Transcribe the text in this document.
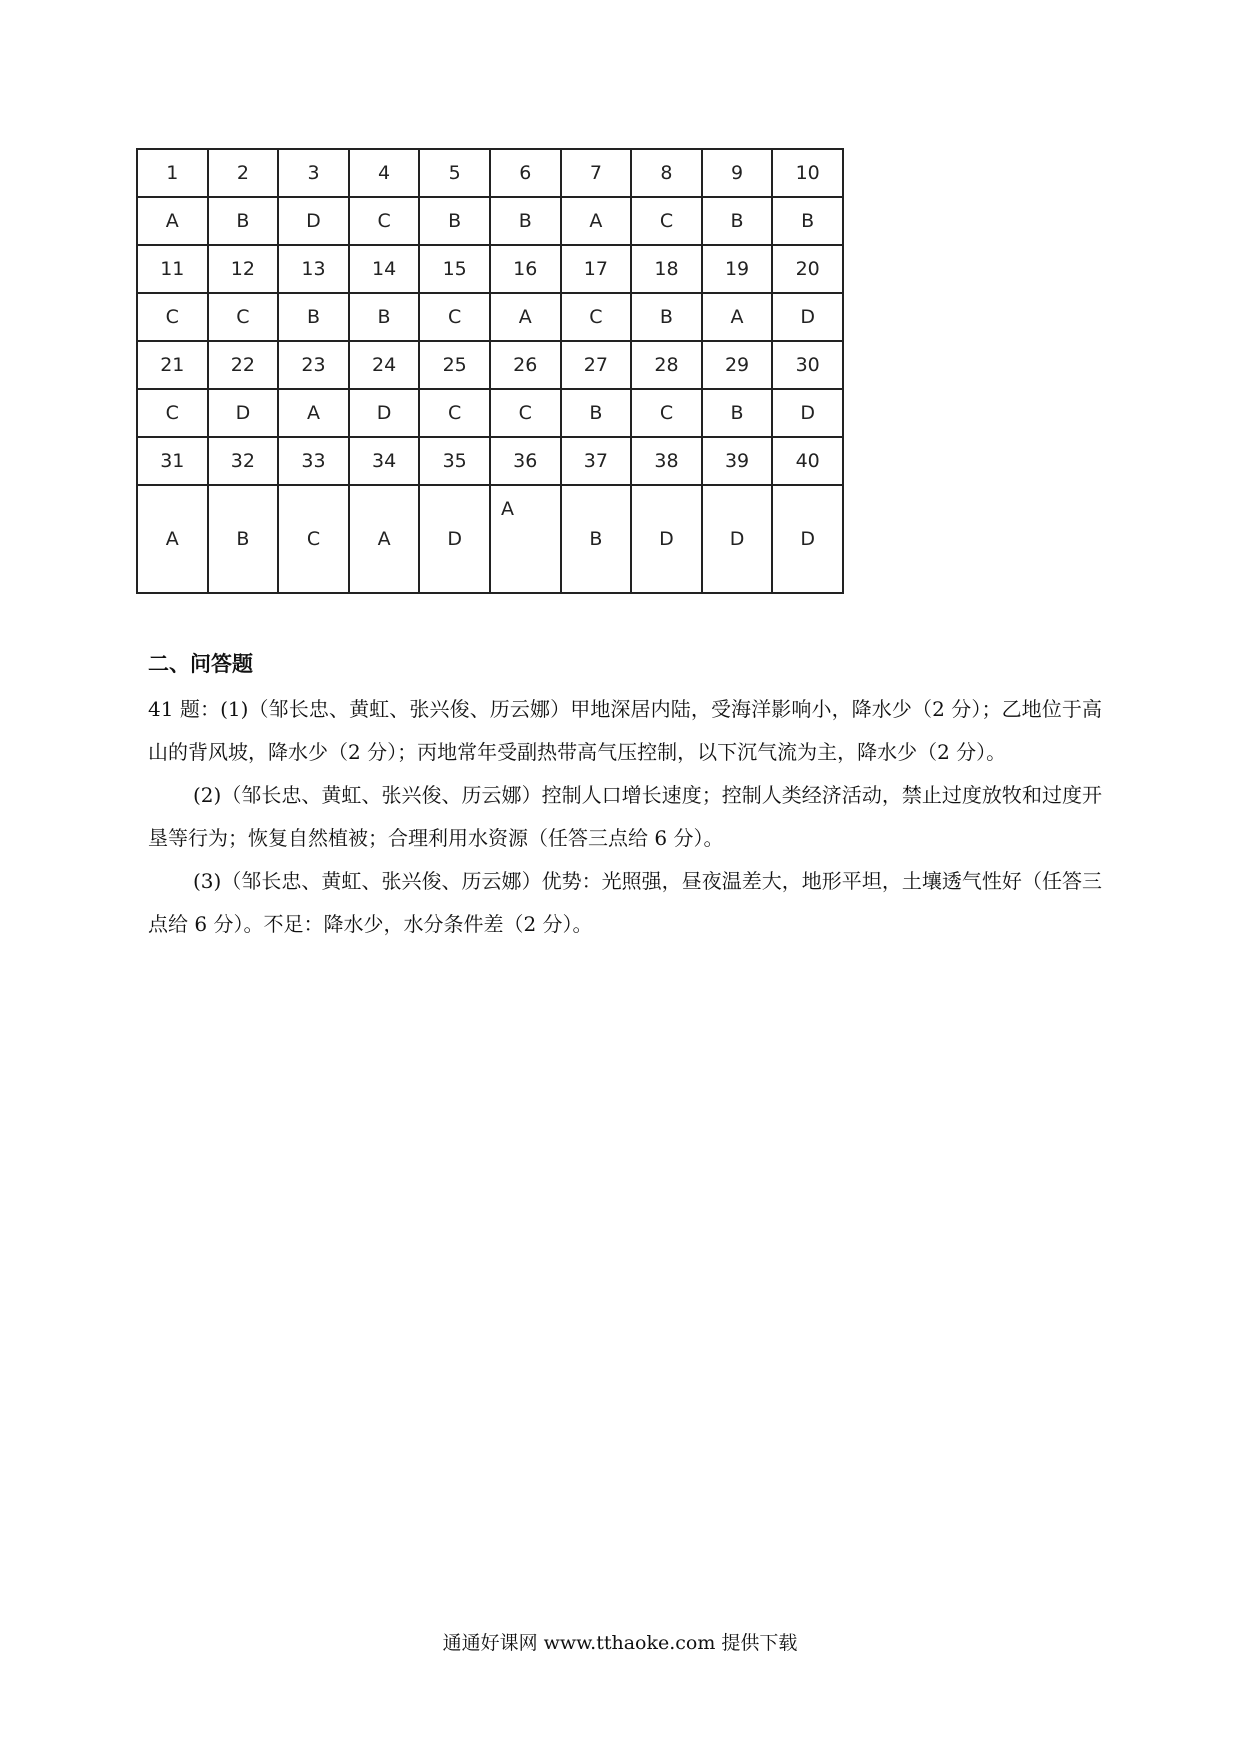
1	2	3	4	5	6	7	8	9	10
A	B	D	C	B	B	A	C	B	B
11	12	13	14	15	16	17	18	19	20
C	C	B	B	C	A	C	B	A	D
21	22	23	24	25	26	27	28	29	30
C	D	A	D	C	C	B	C	B	D
31	32	33	34	35	36	37	38	39	40
A	B	C	A	D	A	B	D	D	D
二、问答题

41 题：(1)（邹长忠、黄虹、张兴俊、历云娜）甲地深居内陆，受海洋影响小，降水少（2 分）；乙地位于高山的背风坡，降水少（2 分）；丙地常年受副热带高气压控制，以下沉气流为主，降水少（2 分）。

(2)（邹长忠、黄虹、张兴俊、历云娜）控制人口增长速度；控制人类经济活动，禁止过度放牧和过度开垦等行为；恢复自然植被；合理利用水资源（任答三点给 6 分）。

(3)（邹长忠、黄虹、张兴俊、历云娜）优势：光照强，昼夜温差大，地形平坦，土壤透气性好（任答三点给 6 分）。不足：降水少，水分条件差（2 分）。

通通好课网 www.tthaoke.com 提供下载
